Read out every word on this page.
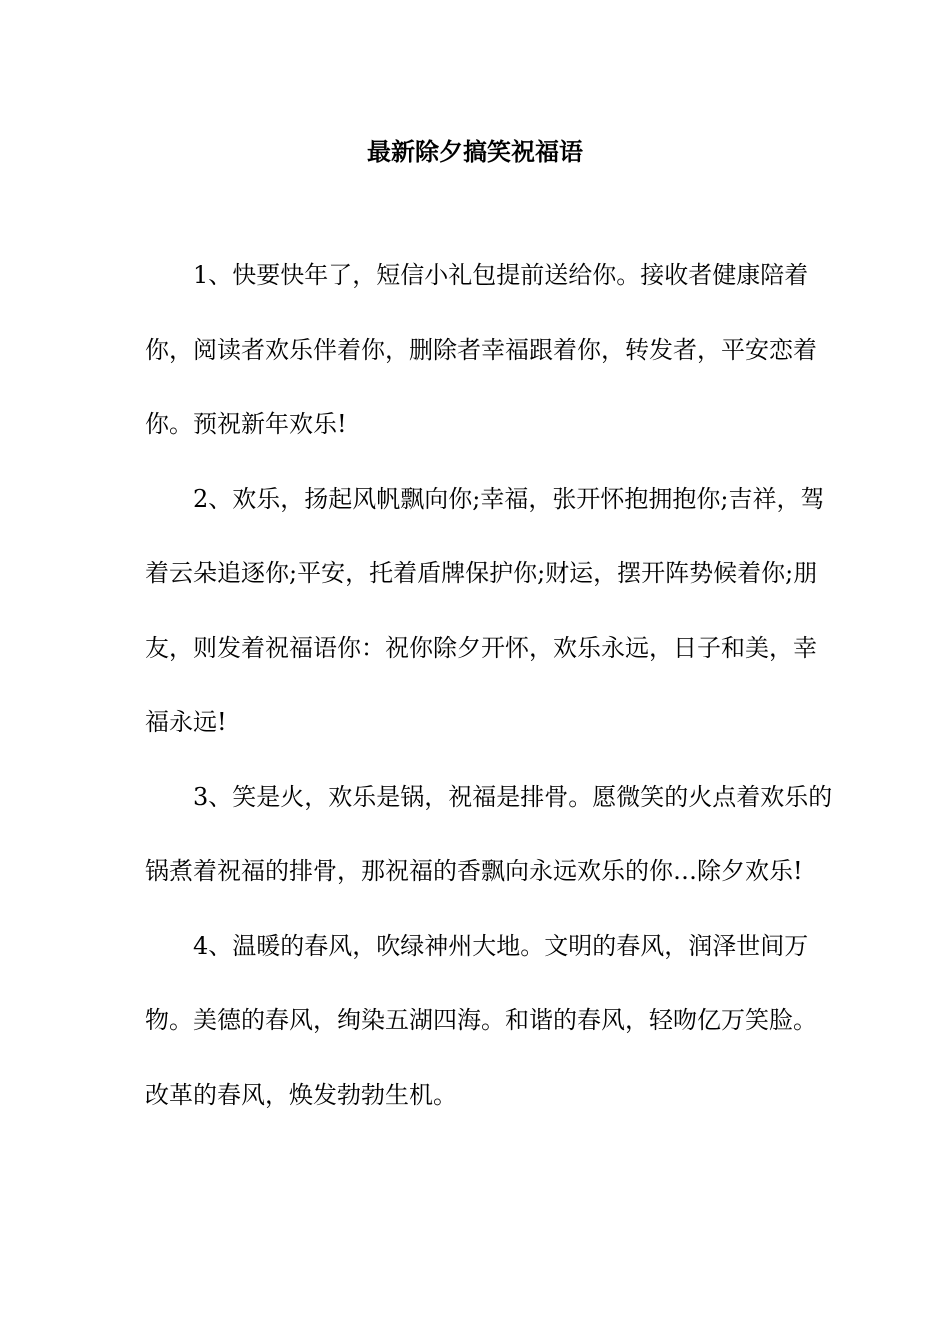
最新除夕搞笑祝福语

1、快要快年了，短信小礼包提前送给你。接收者健康陪着你，阅读者欢乐伴着你，删除者幸福跟着你，转发者，平安恋着你。预祝新年欢乐!

2、欢乐，扬起风帆飘向你;幸福，张开怀抱拥抱你;吉祥，驾着云朵追逐你;平安，托着盾牌保护你;财运，摆开阵势候着你;朋友，则发着祝福语你：祝你除夕开怀，欢乐永远，日子和美，幸福永远!

3、笑是火，欢乐是锅，祝福是排骨。愿微笑的火点着欢乐的锅煮着祝福的排骨，那祝福的香飘向永远欢乐的你…除夕欢乐!

4、温暖的春风，吹绿神州大地。文明的春风，润泽世间万物。美德的春风，绚染五湖四海。和谐的春风，轻吻亿万笑脸。改革的春风，焕发勃勃生机。
